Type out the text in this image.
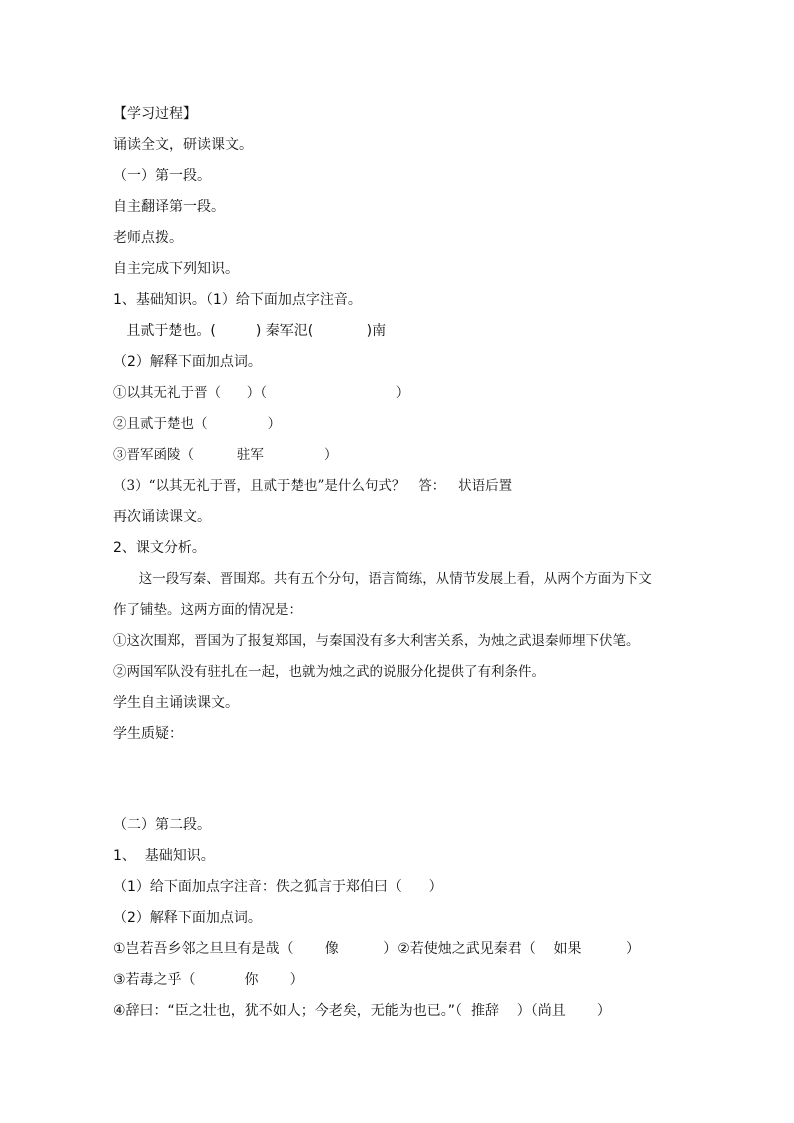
【学习过程】
诵读全文，研读课文。
（一）第一段。
自主翻译第一段。
老师点拨。
自主完成下列知识。
1、基础知识。（1）给下面加点字注音。
且贰于楚也。(         ) 秦军氾(            )南
（2）解释下面加点词。
①以其无礼于晋（      ）（                              ）
②且贰于楚也（              ）
③晋军函陵（          驻军              ）
（3）“以其无礼于晋，且贰于楚也”是什么句式？   答：   状语后置
再次诵读课文。
2、课文分析。
这一段写秦、晋围郑。共有五个分句，语言简练，从情节发展上看，从两个方面为下文
作了铺垫。这两方面的情况是：
①这次围郑，晋国为了报复郑国，与秦国没有多大利害关系，为烛之武退秦师埋下伏笔。
②两国军队没有驻扎在一起，也就为烛之武的说服分化提供了有利条件。
学生自主诵读课文。
学生质疑：
（二）第二段。
1、  基础知识。
（1）给下面加点字注音：佚之狐言于郑伯曰（      ）
（2）解释下面加点词。
①岂若吾乡邻之旦旦有是哉（       像          ）②若使烛之武见秦君（    如果          ）
③若毒之乎（           你       ）
④辞曰：“臣之壮也，犹不如人；今老矣，无能为也已。”（  推辞    ）（尚且       ）
